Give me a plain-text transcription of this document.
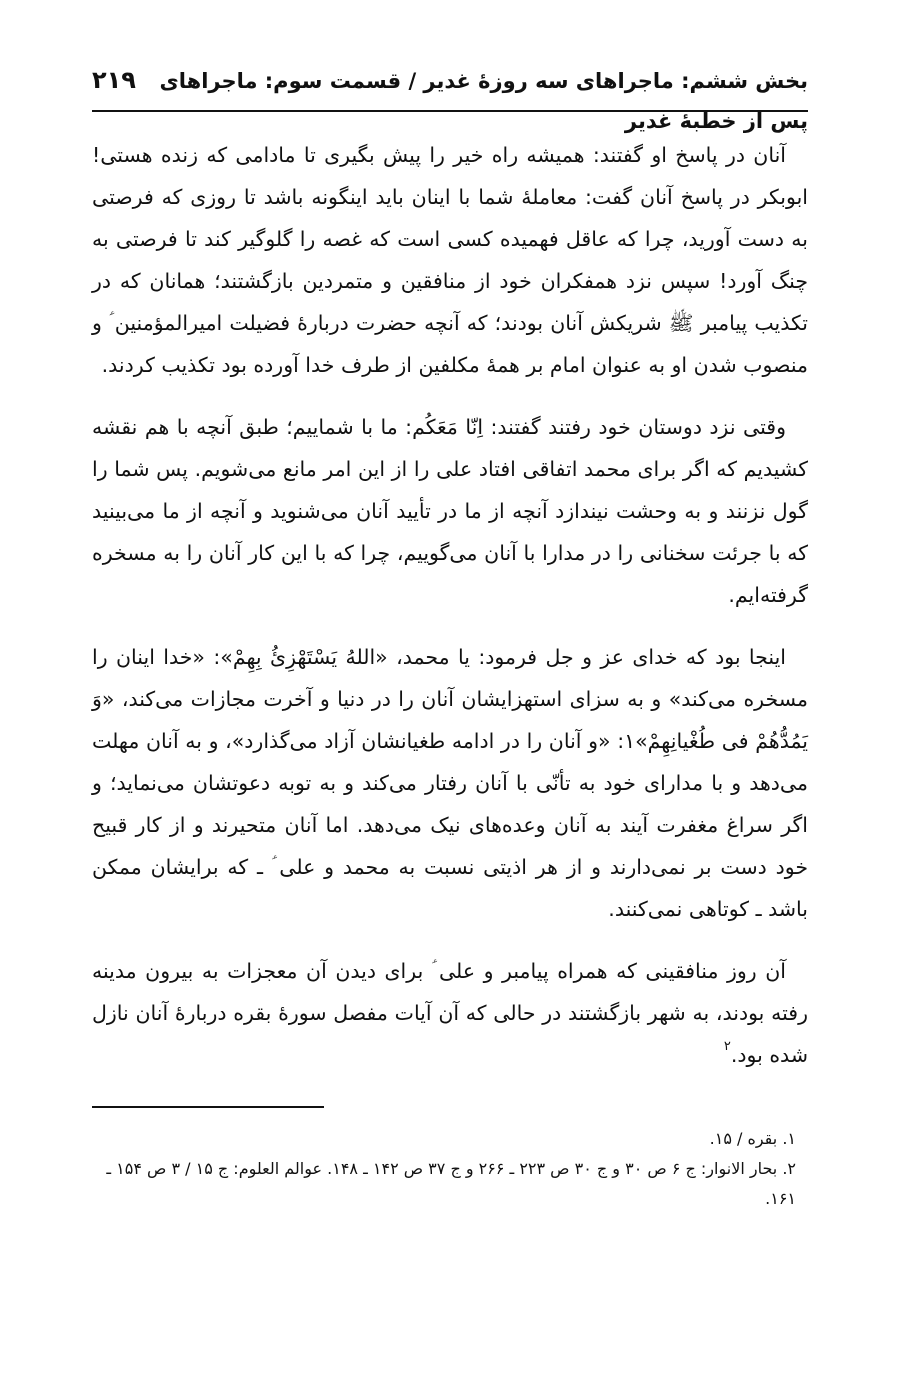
بخش ششم: ماجراهای سه روزهٔ غدیر / قسمت سوم: ماجراهای پس از خطبهٔ غدیر
۲۱۹

آنان در پاسخ او گفتند: همیشه راه خیر را پیش بگیری تا مادامی که زنده هستی! ابوبکر در پاسخ آنان گفت: معاملهٔ شما با اینان باید اینگونه باشد تا روزی که فرصتی به دست آورید، چرا که عاقل فهمیده کسی است که غصه را گلوگیر کند تا فرصتی به چنگ آورد! سپس نزد همفکران خود از منافقین و متمردین بازگشتند؛ همانان که در تکذیب پیامبر ﷺ شریکش آنان بودند؛ که آنچه حضرت دربارهٔ فضیلت امیرالمؤمنین ؑ و منصوب شدن او به عنوان امام بر همهٔ مکلفین از طرف خدا آورده بود تکذیب کردند.

وقتی نزد دوستان خود رفتند گفتند: اِنّا مَعَکُم: ما با شماییم؛ طبق آنچه با هم نقشه کشیدیم که اگر برای محمد اتفاقی افتاد علی را از این امر مانع می‌شویم. پس شما را گول نزنند و به وحشت نیندازد آنچه از ما در تأیید آنان می‌شنوید و آنچه از ما می‌بینید که با جرئت سخنانی را در مدارا با آنان می‌گوییم، چرا که با این کار آنان را به مسخره گرفته‌ایم.

اینجا بود که خدای عز و جل فرمود: یا محمد، «اللهُ یَسْتَهْزِئُ بِهِمْ»: «خدا اینان را مسخره می‌کند» و به سزای استهزایشان آنان را در دنیا و آخرت مجازات می‌کند، «وَ یَمُدُّهُمْ فی طُغْیانِهِمْ»۱: «و آنان را در ادامه طغیانشان آزاد می‌گذارد»، و به آنان مهلت می‌دهد و با مدارای خود به تأنّی با آنان رفتار می‌کند و به توبه دعوتشان می‌نماید؛ و اگر سراغ مغفرت آیند به آنان وعده‌های نیک می‌دهد. اما آنان متحیرند و از کار قبیح خود دست بر نمی‌دارند و از هر اذیتی نسبت به محمد و علی ؑ ـ که برایشان ممکن باشد ـ کوتاهی نمی‌کنند.

آن روز منافقینی که همراه پیامبر و علی ؑ برای دیدن آن معجزات به بیرون مدینه رفته بودند، به شهر بازگشتند در حالی که آن آیات مفصل سورهٔ بقره دربارهٔ آنان نازل شده بود.$^۲$

۱. بقره / ۱۵.

۲. بحار الانوار: ج ۶ ص ۳۰ و ج ۳۰ ص ۲۲۳ ـ ۲۶۶ و ج ۳۷ ص ۱۴۲ ـ ۱۴۸. عوالم العلوم: ج ۱۵ / ۳ ص ۱۵۴ ـ ۱۶۱.
